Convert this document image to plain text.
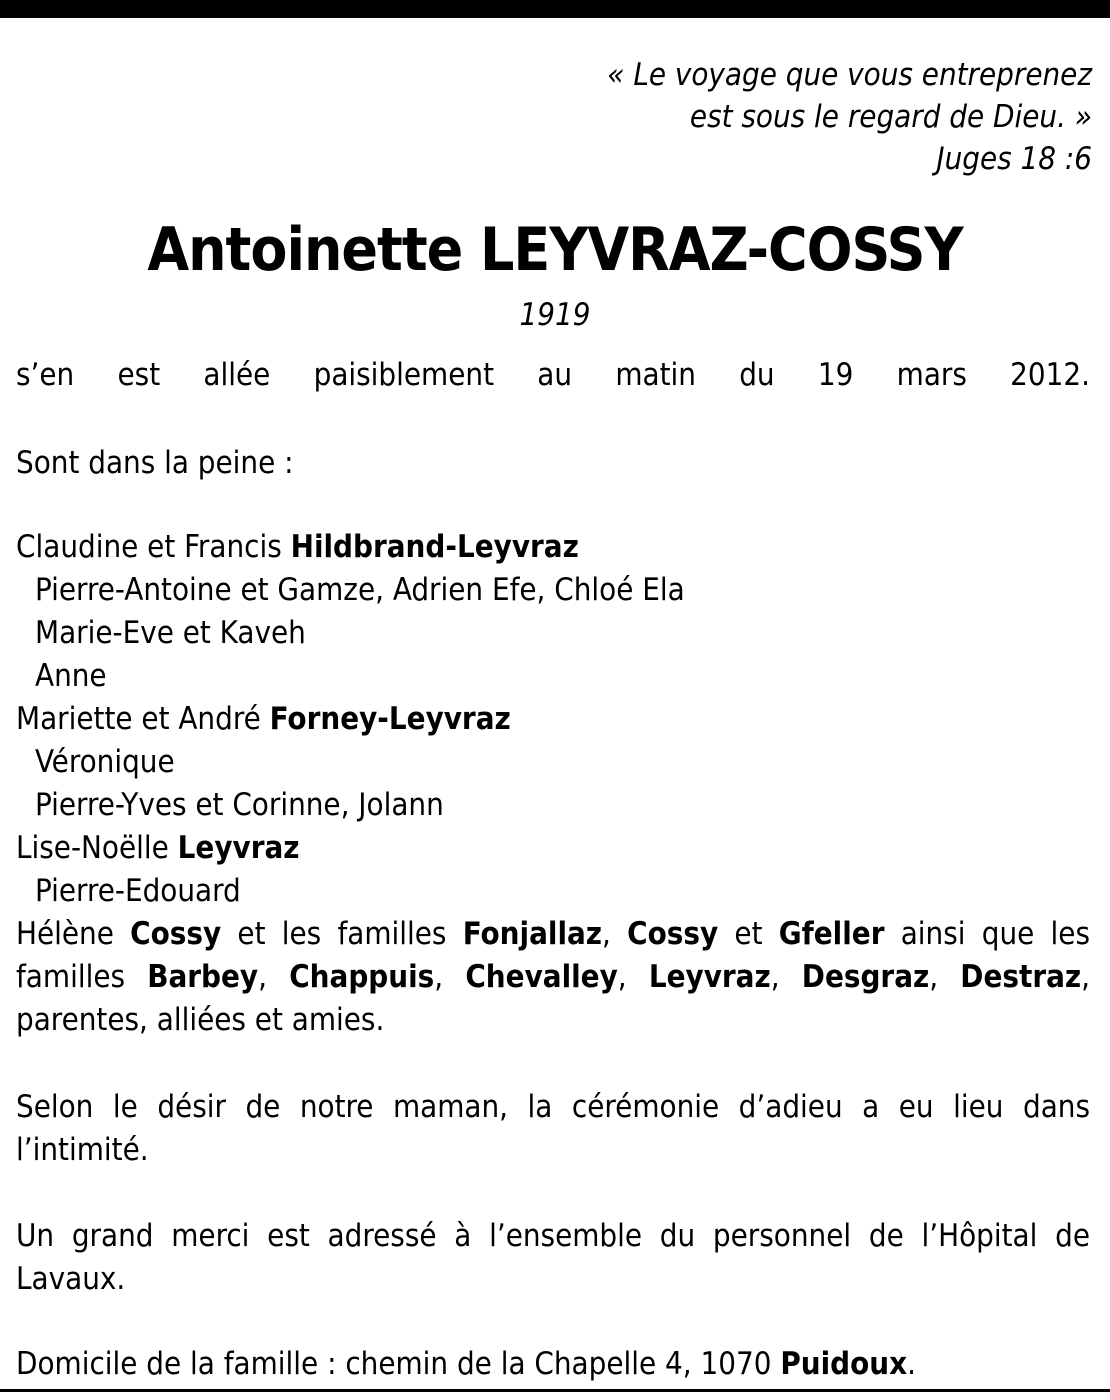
« Le voyage que vous entreprenez
est sous le regard de Dieu. »
Juges 18 :6
Antoinette LEYVRAZ-COSSY
1919
s’en est allée paisiblement au matin du 19 mars 2012.
Sont dans la peine :
Claudine et Francis Hildbrand-Leyvraz
Pierre-Antoine et Gamze, Adrien Efe, Chloé Ela
Marie-Eve et Kaveh
Anne
Mariette et André Forney-Leyvraz
Véronique
Pierre-Yves et Corinne, Jolann
Lise-Noëlle Leyvraz
Pierre-Edouard
Hélène Cossy et les familles Fonjallaz, Cossy et Gfeller ainsi que les familles Barbey, Chappuis, Chevalley, Leyvraz, Desgraz, Destraz, parentes, alliées et amies.
Selon le désir de notre maman, la cérémonie d’adieu a eu lieu dans l’intimité.
Un grand merci est adressé à l’ensemble du personnel de l’Hôpital de Lavaux.
Domicile de la famille : chemin de la Chapelle 4, 1070 Puidoux.
